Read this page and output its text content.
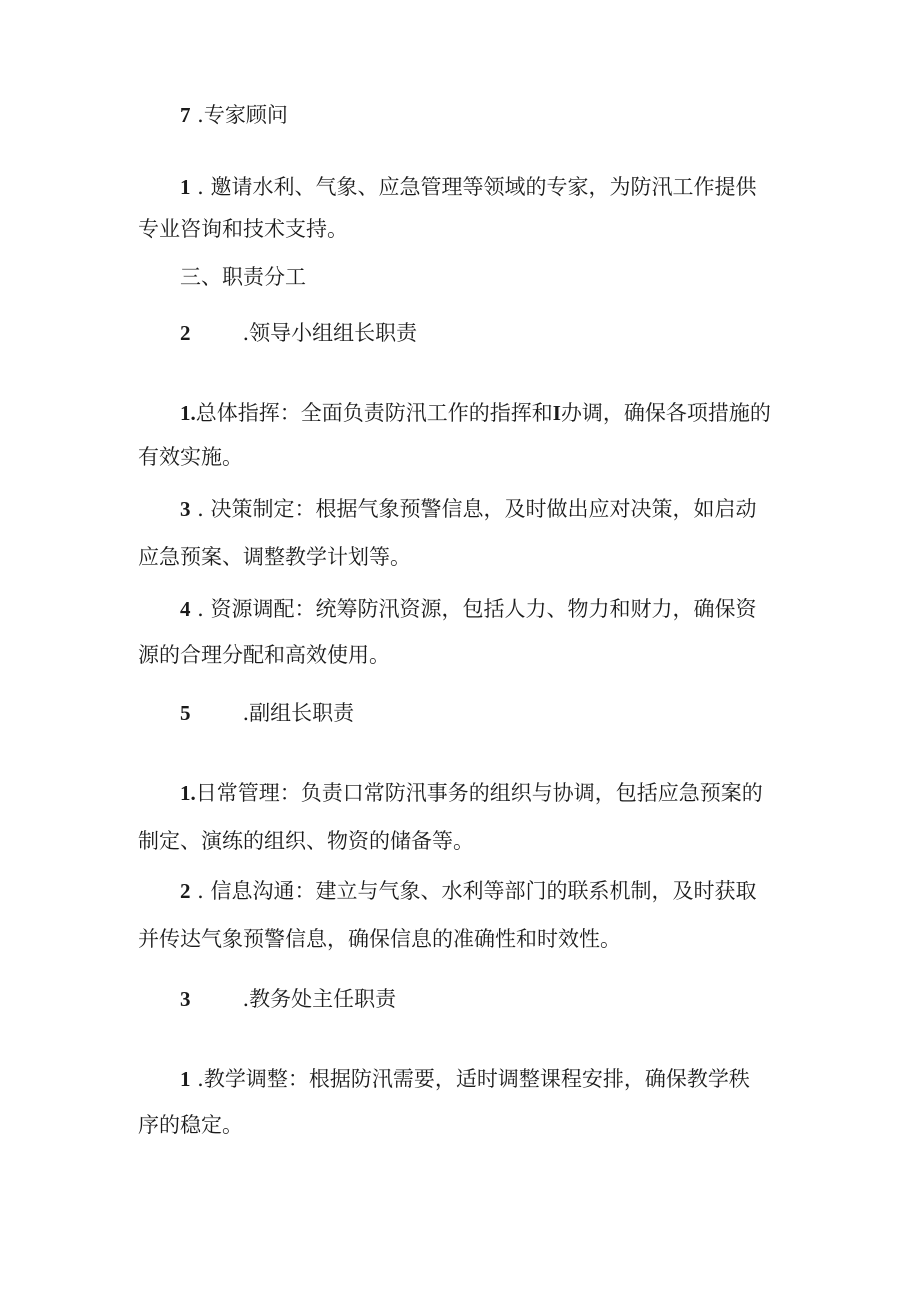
7 .专家顾问
1 . 邀请水利、气象、应急管理等领域的专家，为防汛工作提供
专业咨询和技术支持。
三、职责分工
2 .领导小组组长职责
1.总体指挥：全面负责防汛工作的指挥和I办调，确保各项措施的
有效实施。
3 . 决策制定：根据气象预警信息，及时做出应对决策，如启动
应急预案、调整教学计划等。
4 . 资源调配：统筹防汛资源，包括人力、物力和财力，确保资
源的合理分配和高效使用。
5 .副组长职责
1.日常管理：负责口常防汛事务的组织与协调，包括应急预案的
制定、演练的组织、物资的储备等。
2 . 信息沟通：建立与气象、水利等部门的联系机制，及时获取
并传达气象预警信息，确保信息的准确性和时效性。
3 .教务处主任职责
1 .教学调整：根据防汛需要，适时调整课程安排，确保教学秩
序的稳定。
